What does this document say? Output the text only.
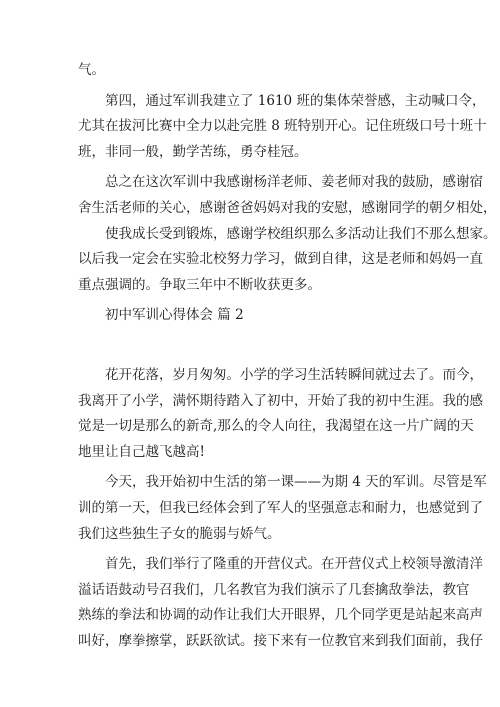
气。
第四，通过军训我建立了 1610 班的集体荣誉感，主动喊口令，
尤其在拔河比赛中全力以赴完胜 8 班特别开心。记住班级口号十班十
班，非同一般，勤学苦练，勇夺桂冠。
总之在这次军训中我感谢杨洋老师、姜老师对我的鼓励，感谢宿
舍生活老师的关心，感谢爸爸妈妈对我的安慰，感谢同学的朝夕相处，
使我成长受到锻炼，感谢学校组织那么多活动让我们不那么想家。
以后我一定会在实验北校努力学习，做到自律，这是老师和妈妈一直
重点强调的。争取三年中不断收获更多。
初中军训心得体会 篇 2
花开花落，岁月匆匆。小学的学习生活转瞬间就过去了。而今，
我离开了小学，满怀期待踏入了初中，开始了我的初中生涯。我的感
觉是一切是那么的新奇,那么的令人向往，我渴望在这一片广阔的天
地里让自己越飞越高!
今天，我开始初中生活的第一课——为期 4 天的军训。尽管是军
训的第一天，但我已经体会到了军人的坚强意志和耐力，也感觉到了
我们这些独生子女的脆弱与娇气。
首先，我们举行了隆重的开营仪式。在开营仪式上校领导激清洋
溢话语鼓动号召我们，几名教官为我们演示了几套擒敌拳法，教官
熟练的拳法和协调的动作让我们大开眼界，几个同学更是站起来高声
叫好，摩拳擦掌，跃跃欲试。接下来有一位教官来到我们面前，我仔
